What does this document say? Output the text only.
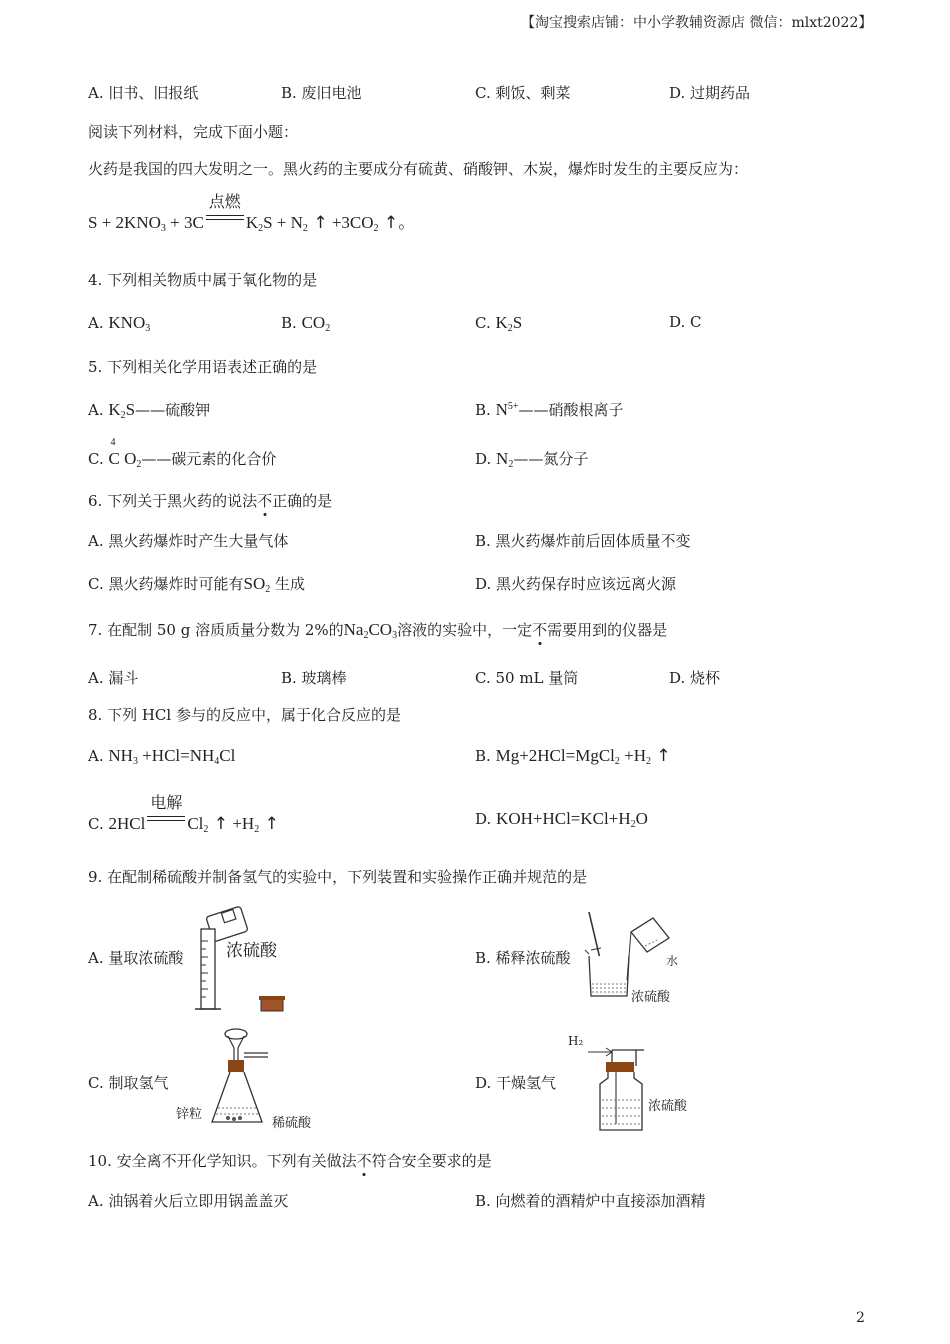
【淘宝搜索店铺：中小学教辅资源店 微信：mlxt2022】
A. 旧书、旧报纸	B. 废旧电池	C. 剩饭、剩菜	D. 过期药品
阅读下列材料，完成下面小题：
火药是我国的四大发明之一。黑火药的主要成分有硫黄、硝酸钾、木炭，爆炸时发生的主要反应为：
$S + 2KNO_3 + 3C$
点燃
$K_2S + N_2$ ↑ $+3CO_2$ ↑。
4. 下列相关物质中属于氧化物的是
A. $KNO_3$	B. $CO_2$	C. $K_2S$	D. C
5. 下列相关化学用语表述正确的是
A. $K_2S——$硫酸钾	B. $N^{5+}——$硝酸根离子
C.
4
C $O_2——$碳元素的化合价	D. $N_2——$氮分子
6. 下列关于黑火药的说法不正确的是
A. 黑火药爆炸时产生大量气体	B. 黑火药爆炸前后固体质量不变
C. 黑火药爆炸时可能有$SO_2$ 生成	D. 黑火药保存时应该远离火源
7. 在配制 50 g 溶质质量分数为 2%的$Na_2CO_3$溶液的实验中，一定不需要用到的仪器是
A. 漏斗	B. 玻璃棒	C. 50 mL 量筒	D. 烧杯
8. 下列 HCl 参与的反应中，属于化合反应的是
A. $NH_3 +HCl=NH_4Cl$	B. Mg+2HCl=MgCl$_2$ $+H_2$ ↑
C. 2HCl
电解
$Cl_2$ ↑ $+H_2$ ↑	D. $KOH+HCl=KCl+H_2O$
9. 在配制稀硫酸并制备氢气的实验中，下列装置和实验操作正确并规范的是
A. 量取浓硫酸	浓硫酸	B. 稀释浓硫酸	水
浓硫酸
C. 制取氢气
锌粒
稀硫酸
D. 干燥氢气
H₂
浓硫酸
10. 安全离不开化学知识。下列有关做法不符合安全要求的是
A. 油锅着火后立即用锅盖盖灭	B. 向燃着的酒精炉中直接添加酒精
2
